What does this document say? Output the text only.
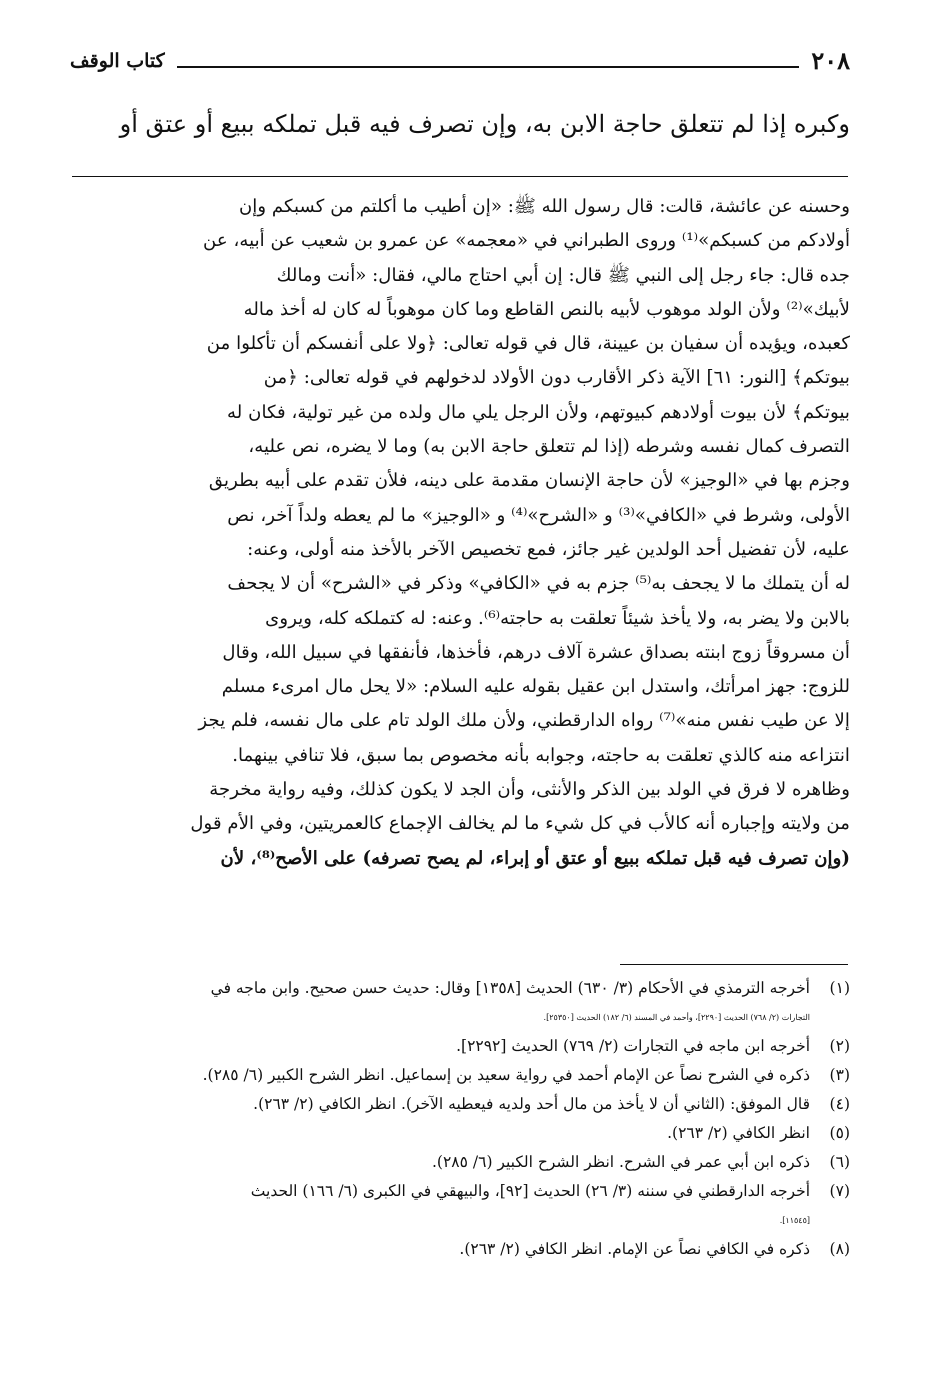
٢٠٨
كتاب الوقف
وكبره إذا لم تتعلق حاجة الابن به، وإن تصرف فيه قبل تملكه ببيع أو عتق أو

وحسنه عن عائشة، قالت: قال رسول الله ﷺ: «إن أطيب ما أكلتم من كسبكم وإن

أولادكم من كسبكم»⁽¹⁾ وروى الطبراني في «معجمه» عن عمرو بن شعيب عن أبيه، عن

جده قال: جاء رجل إلى النبي ﷺ قال: إن أبي احتاج مالي، فقال: «أنت ومالك

لأبيك»⁽²⁾ ولأن الولد موهوب لأبيه بالنص القاطع وما كان موهوباً له كان له أخذ ماله

كعبده، ويؤيده أن سفيان بن عيينة، قال في قوله تعالى: ﴿ولا على أنفسكم أن تأكلوا من

بيوتكم﴾ [النور: ٦١] الآية ذكر الأقارب دون الأولاد لدخولهم في قوله تعالى: ﴿من

بيوتكم﴾ لأن بيوت أولادهم كبيوتهم، ولأن الرجل يلي مال ولده من غير تولية، فكان له

التصرف كمال نفسه وشرطه (إذا لم تتعلق حاجة الابن به) وما لا يضره، نص عليه،

وجزم بها في «الوجيز» لأن حاجة الإنسان مقدمة على دينه، فلأن تقدم على أبيه بطريق

الأولى، وشرط في «الكافي»⁽³⁾ و «الشرح»⁽⁴⁾ و «الوجيز» ما لم يعطه ولداً آخر، نص

عليه، لأن تفضيل أحد الولدين غير جائز، فمع تخصيص الآخر بالأخذ منه أولى، وعنه:

له أن يتملك ما لا يجحف به⁽⁵⁾ جزم به في «الكافي» وذكر في «الشرح» أن لا يجحف

بالابن ولا يضر به، ولا يأخذ شيئاً تعلقت به حاجته⁽⁶⁾. وعنه: له كتملكه كله، ويروى

أن مسروقاً زوج ابنته بصداق عشرة آلاف درهم، فأخذها، فأنفقها في سبيل الله، وقال

للزوج: جهز امرأتك، واستدل ابن عقيل بقوله عليه السلام: «لا يحل مال امرىء مسلم

إلا عن طيب نفس منه»⁽⁷⁾ رواه الدارقطني، ولأن ملك الولد تام على مال نفسه، فلم يجز

انتزاعه منه كالذي تعلقت به حاجته، وجوابه بأنه مخصوص بما سبق، فلا تنافي بينهما.

وظاهره لا فرق في الولد بين الذكر والأنثى، وأن الجد لا يكون كذلك، وفيه رواية مخرجة

من ولايته وإجباره أنه كالأب في كل شيء ما لم يخالف الإجماع كالعمريتين، وفي الأم قول

(وإن تصرف فيه قبل تملكه ببيع أو عتق أو إبراء، لم يصح تصرفه) على الأصح⁽⁸⁾، لأن

(١)
أخرجه الترمذي في الأحكام (٣/ ٦٣٠) الحديث [١٣٥٨] وقال: حديث حسن صحيح. وابن ماجه في
التجارات (٢/ ٧٦٨) الحديث [٢٢٩٠]، وأحمد في المسند (٦/ ١٨٢) الحديث [٢٥٣٥٠].
(٢)
أخرجه ابن ماجه في التجارات (٢/ ٧٦٩) الحديث [٢٢٩٢].
(٣)
ذكره في الشرح نصاً عن الإمام أحمد في رواية سعيد بن إسماعيل. انظر الشرح الكبير (٦/ ٢٨٥).
(٤)
قال الموفق: (الثاني أن لا يأخذ من مال أحد ولديه فيعطيه الآخر). انظر الكافي (٢/ ٢٦٣).
(٥)
انظر الكافي (٢/ ٢٦٣).
(٦)
ذكره ابن أبي عمر في الشرح. انظر الشرح الكبير (٦/ ٢٨٥).
(٧)
أخرجه الدارقطني في سننه (٣/ ٢٦) الحديث [٩٢]، والبيهقي في الكبرى (٦/ ١٦٦) الحديث
[١١٥٤٥].
(٨)
ذكره في الكافي نصاً عن الإمام. انظر الكافي (٢/ ٢٦٣).
